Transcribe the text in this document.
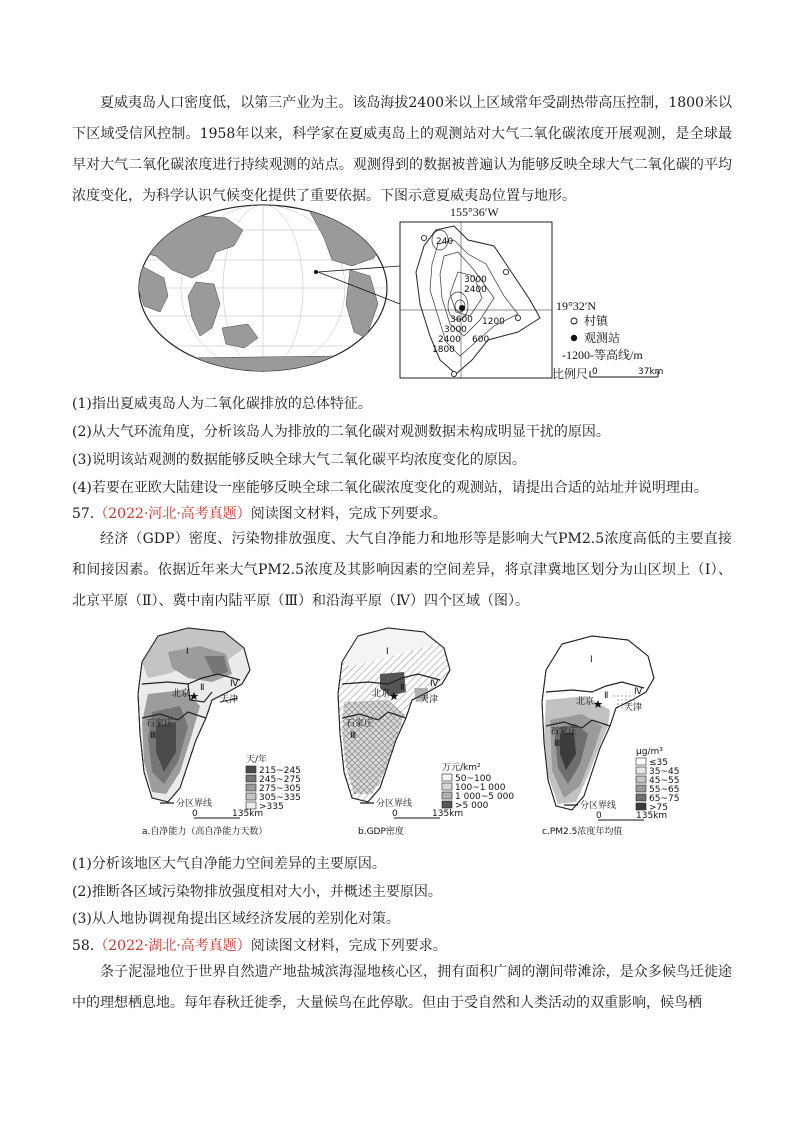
夏威夷岛人口密度低，以第三产业为主。该岛海拔2400米以上区域常年受副热带高压控制，1800米以下区域受信风控制。1958年以来，科学家在夏威夷岛上的观测站对大气二氧化碳浓度开展观测，是全球最早对大气二氧化碳浓度进行持续观测的站点。观测得到的数据被普遍认为能够反映全球大气二氧化碳的平均浓度变化，为科学认识气候变化提供了重要依据。下图示意夏威夷岛位置与地形。

240
3000
2400
3600
3000
2400
1200
600
1800
155°36′W
19°32′N
村镇
观测站
-1200-等高线/m
比例尺 0	37km
(1)指出夏威夷岛人为二氧化碳排放的总体特征。
(2)从大气环流角度，分析该岛人为排放的二氧化碳对观测数据未构成明显干扰的原因。
(3)说明该站观测的数据能够反映全球大气二氧化碳平均浓度变化的原因。
(4)若要在亚欧大陆建设一座能够反映全球二氧化碳浓度变化的观测站，请提出合适的站址并说明理由。
57.（2022·河北·高考真题）阅读图文材料，完成下列要求。

经济（GDP）密度、污染物排放强度、大气自净能力和地形等是影响大气PM2.5浓度高低的主要直接和间接因素。依据近年来大气PM2.5浓度及其影响因素的空间差异，将京津冀地区划分为山区坝上（Ⅰ）、北京平原（Ⅱ）、冀中南内陆平原（Ⅲ）和沿海平原（Ⅳ）四个区域（图）。

Ⅰ
Ⅱ	Ⅳ
Ⅲ
北京
天津
石家庄
天/年
215~245
245~275
275~305
305~335
>335
分区界线
0	135km
a.自净能力（高自净能力天数）
Ⅰ
Ⅱ	Ⅳ
Ⅲ
北京
天津
石家庄
万元/km²
50~100
100~1 000
1 000~5 000
>5 000
分区界线
0	135km
b.GDP密度
Ⅰ
Ⅱ	Ⅳ
Ⅲ
北京
天津
石家庄
μg/m³
≤35
35~45
45~55
55~65
65~75
>75
分区界线
0	135km
c.PM2.5浓度年均值
(1)分析该地区大气自净能力空间差异的主要原因。
(2)推断各区域污染物排放强度相对大小，并概述主要原因。
(3)从人地协调视角提出区域经济发展的差别化对策。
58.（2022·湖北·高考真题）阅读图文材料，完成下列要求。

条子泥湿地位于世界自然遗产地盐城滨海湿地核心区，拥有面积广阔的潮间带滩涂，是众多候鸟迁徙途中的理想栖息地。每年春秋迁徙季，大量候鸟在此停歇。但由于受自然和人类活动的双重影响，候鸟栖
